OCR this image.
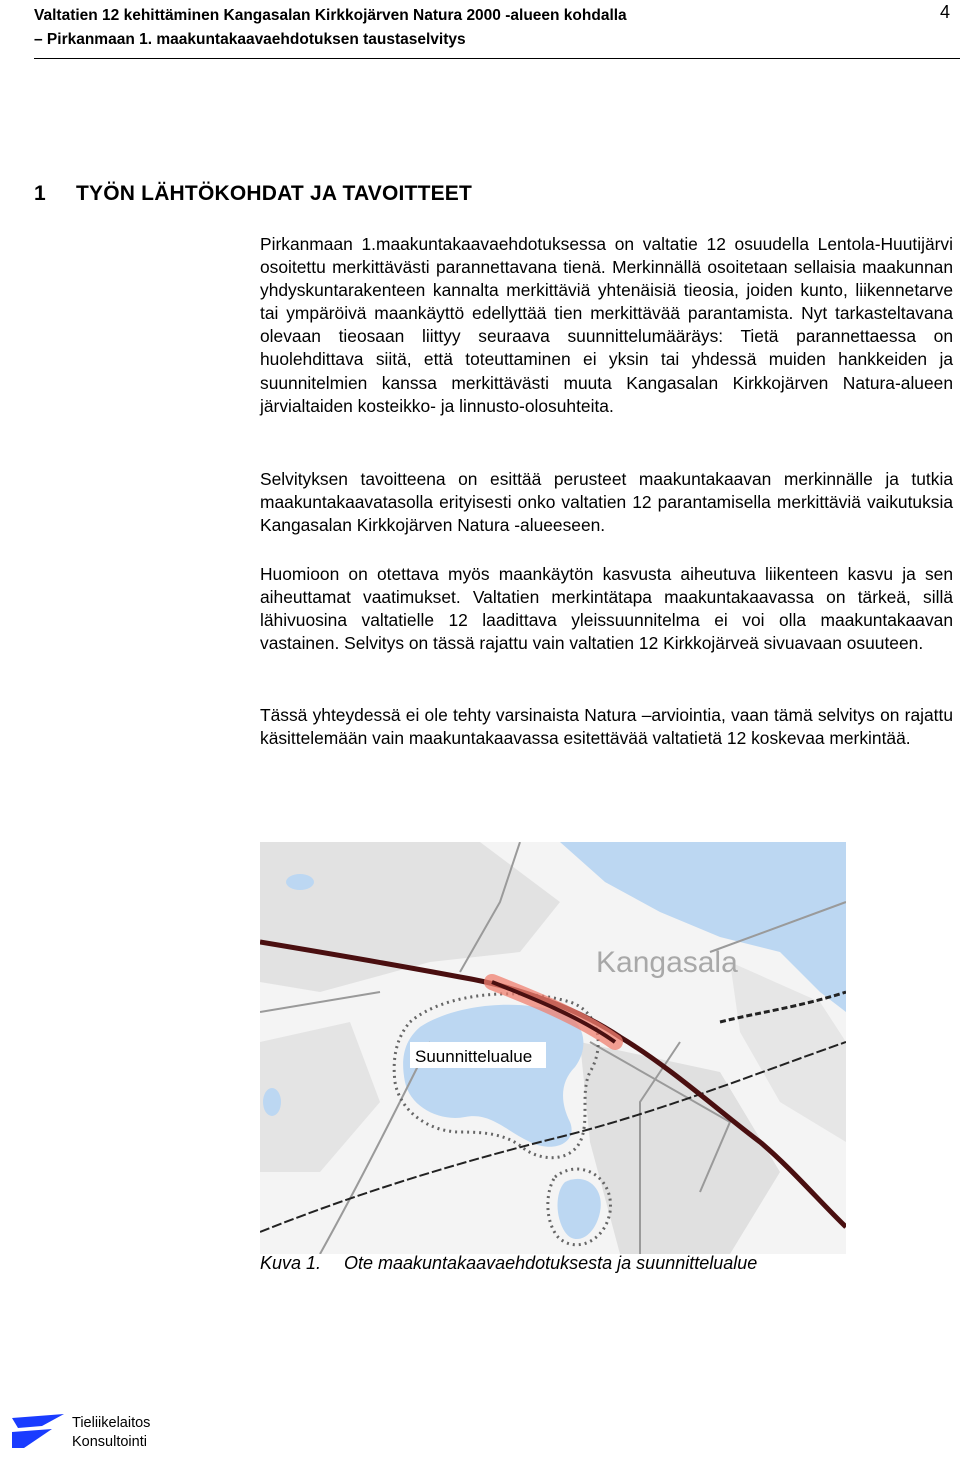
Valtatien 12 kehittäminen Kangasalan Kirkkojärven Natura 2000 -alueen kohdalla
– Pirkanmaan 1. maakuntakaavaehdotuksen taustaselvitys
4
1 TYÖN LÄHTÖKOHDAT JA TAVOITTEET

Pirkanmaan 1.maakuntakaavaehdotuksessa on valtatie 12 osuudella Lentola-Huutijärvi osoitettu merkittävästi parannettavana tienä. Merkinnällä osoitetaan sellaisia maakunnan yhdyskuntarakenteen kannalta merkittäviä yhtenäisiä tieosia, joiden kunto, liikennetarve tai ympäröivä maankäyttö edellyttää tien merkittävää parantamista. Nyt tarkasteltavana olevaan tieosaan liittyy seuraava suunnittelumääräys: Tietä parannettaessa on huolehdittava siitä, että toteuttaminen ei yksin tai yhdessä muiden hankkeiden ja suunnitelmien kanssa merkittävästi muuta Kangasalan Kirkkojärven Natura-alueen järvialtaiden kosteikko- ja linnusto-olosuhteita.

Selvityksen tavoitteena on esittää perusteet maakuntakaavan merkinnälle ja tutkia maakuntakaavatasolla erityisesti onko valtatien 12 parantamisella merkittäviä vaikutuksia Kangasalan Kirkkojärven Natura -alueeseen.

Huomioon on otettava myös maankäytön kasvusta aiheutuva liikenteen kasvu ja sen aiheuttamat vaatimukset. Valtatien merkintätapa maakuntakaavassa on tärkeä, sillä lähivuosina valtatielle 12 laadittava yleissuunnitelma ei voi olla maakuntakaavan vastainen. Selvitys on tässä rajattu vain valtatien 12 Kirkkojärveä sivuavaan osuuteen.

Tässä yhteydessä ei ole tehty varsinaista Natura –arviointia, vaan tämä selvitys on rajattu käsittelemään vain maakuntakaavassa esitettävää valtatietä 12 koskevaa merkintää.

Kangasala
Suunnittelualue
Kuva 1. Ote maakuntakaavaehdotuksesta ja suunnittelualue
Tieliikelaitos
Konsultointi
